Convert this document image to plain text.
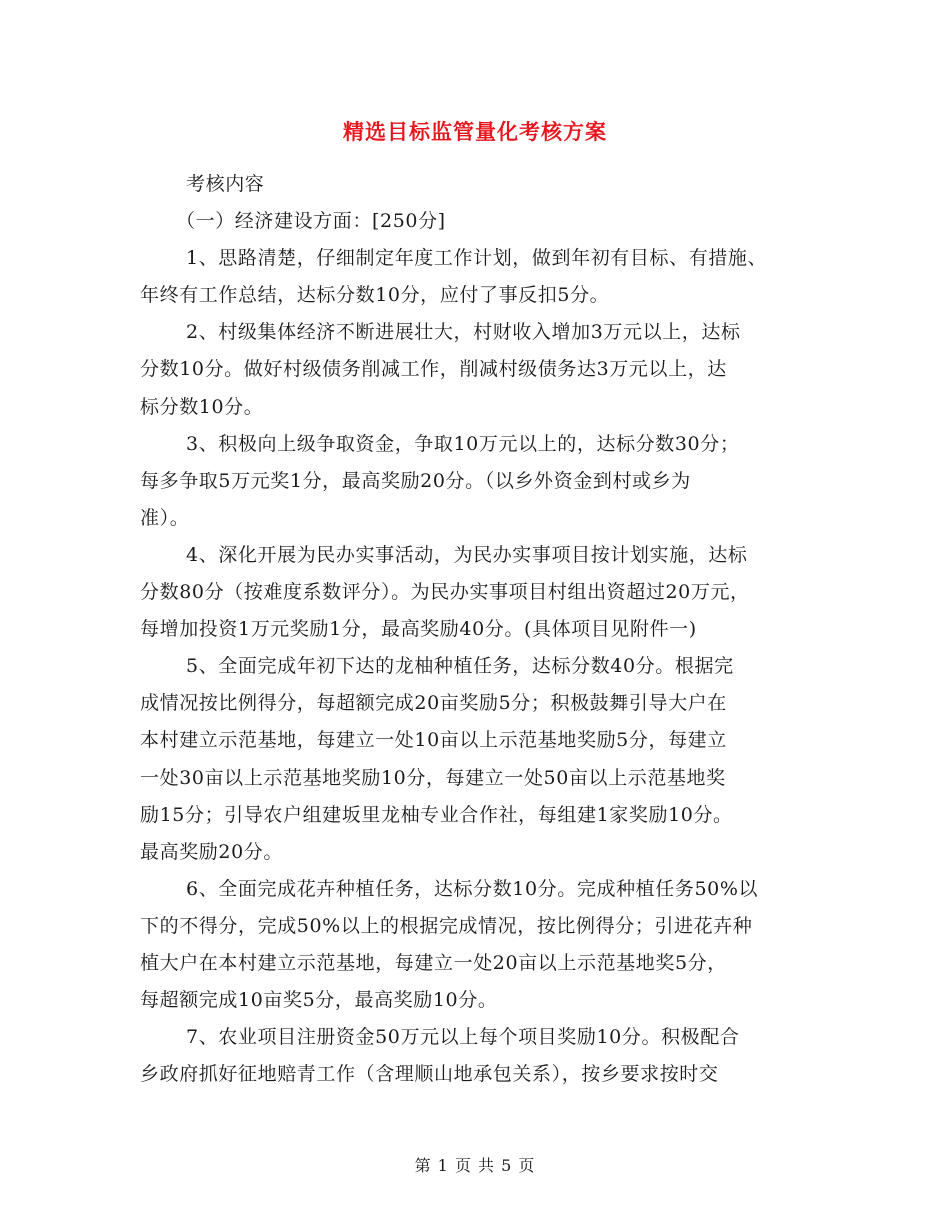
精选目标监管量化考核方案
考核内容
（一）经济建设方面：[250分]
1、思路清楚，仔细制定年度工作计划，做到年初有目标、有措施、
年终有工作总结，达标分数10分，应付了事反扣5分。
2、村级集体经济不断进展壮大，村财收入增加3万元以上，达标
分数10分。做好村级债务削减工作，削减村级债务达3万元以上，达
标分数10分。
3、积极向上级争取资金，争取10万元以上的，达标分数30分；
每多争取5万元奖1分，最高奖励20分。（以乡外资金到村或乡为
准）。
4、深化开展为民办实事活动，为民办实事项目按计划实施，达标
分数80分（按难度系数评分）。为民办实事项目村组出资超过20万元，
每增加投资1万元奖励1分，最高奖励40分。(具体项目见附件一)
5、全面完成年初下达的龙柚种植任务，达标分数40分。根据完
成情况按比例得分，每超额完成20亩奖励5分；积极鼓舞引导大户在
本村建立示范基地，每建立一处10亩以上示范基地奖励5分，每建立
一处30亩以上示范基地奖励10分，每建立一处50亩以上示范基地奖
励15分；引导农户组建坂里龙柚专业合作社，每组建1家奖励10分。
最高奖励20分。
6、全面完成花卉种植任务，达标分数10分。完成种植任务50%以
下的不得分，完成50%以上的根据完成情况，按比例得分；引进花卉种
植大户在本村建立示范基地，每建立一处20亩以上示范基地奖5分，
每超额完成10亩奖5分，最高奖励10分。
7、农业项目注册资金50万元以上每个项目奖励10分。积极配合
乡政府抓好征地赔青工作（含理顺山地承包关系），按乡要求按时交
第 1 页 共 5 页
